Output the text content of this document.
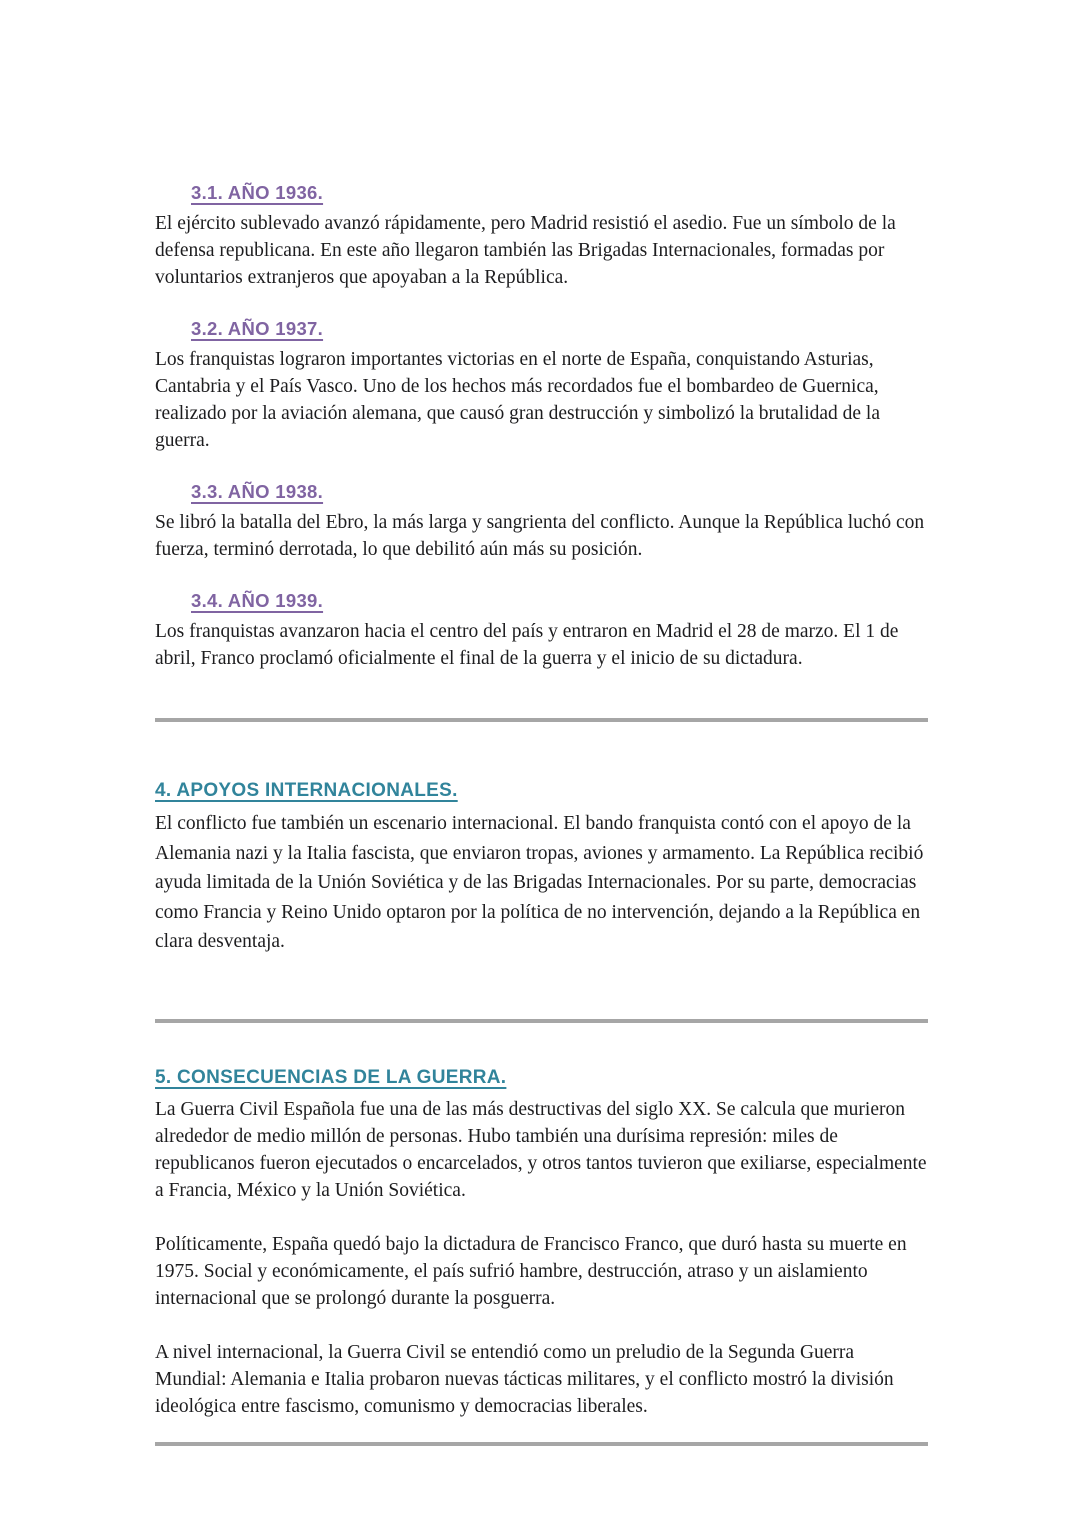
3.1. AÑO 1936.

El ejército sublevado avanzó rápidamente, pero Madrid resistió el asedio. Fue un símbolo de la defensa republicana. En este año llegaron también las Brigadas Internacionales, formadas por voluntarios extranjeros que apoyaban a la República.

3.2. AÑO 1937.

Los franquistas lograron importantes victorias en el norte de España, conquistando Asturias, Cantabria y el País Vasco. Uno de los hechos más recordados fue el bombardeo de Guernica, realizado por la aviación alemana, que causó gran destrucción y simbolizó la brutalidad de la guerra.

3.3. AÑO 1938.

Se libró la batalla del Ebro, la más larga y sangrienta del conflicto. Aunque la República luchó con fuerza, terminó derrotada, lo que debilitó aún más su posición.

3.4. AÑO 1939.

Los franquistas avanzaron hacia el centro del país y entraron en Madrid el 28 de marzo. El 1 de abril, Franco proclamó oficialmente el final de la guerra y el inicio de su dictadura.

4. APOYOS INTERNACIONALES.

El conflicto fue también un escenario internacional. El bando franquista contó con el apoyo de la Alemania nazi y la Italia fascista, que enviaron tropas, aviones y armamento. La República recibió ayuda limitada de la Unión Soviética y de las Brigadas Internacionales. Por su parte, democracias como Francia y Reino Unido optaron por la política de no intervención, dejando a la República en clara desventaja.

5. CONSECUENCIAS DE LA GUERRA.

La Guerra Civil Española fue una de las más destructivas del siglo XX. Se calcula que murieron alrededor de medio millón de personas. Hubo también una durísima represión: miles de republicanos fueron ejecutados o encarcelados, y otros tantos tuvieron que exiliarse, especialmente a Francia, México y la Unión Soviética.

Políticamente, España quedó bajo la dictadura de Francisco Franco, que duró hasta su muerte en 1975. Social y económicamente, el país sufrió hambre, destrucción, atraso y un aislamiento internacional que se prolongó durante la posguerra.

A nivel internacional, la Guerra Civil se entendió como un preludio de la Segunda Guerra Mundial: Alemania e Italia probaron nuevas tácticas militares, y el conflicto mostró la división ideológica entre fascismo, comunismo y democracias liberales.
